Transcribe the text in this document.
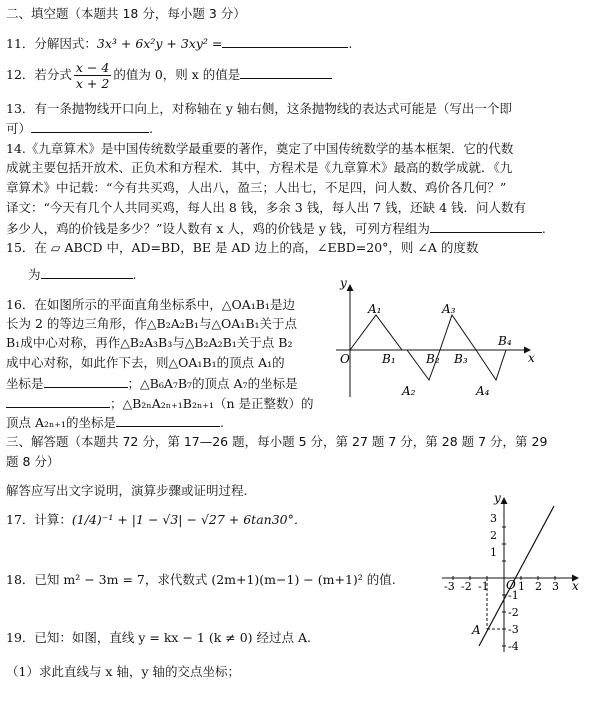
二、填空题（本题共 18 分，每小题 3 分）
11．分解因式：3x³ + 6x²y + 3xy² =	.
12．若分式 $\frac{x - 4}{x + 2}$ 的值为 0，则 x 的值是
13．有一条抛物线开口向上，对称轴在 y 轴右侧，这条抛物线的表达式可能是（写出一个即
可）	.
14.《九章算术》是中国传统数学最重要的著作，奠定了中国传统数学的基本框架．它的代数
成就主要包括开放术、正负术和方程术．其中，方程术是《九章算术》最高的数学成就．《九
章算术》中记载：“今有共买鸡，人出八，盈三；人出七，不足四，问人数、鸡价各几何？”
译文：“今天有几个人共同买鸡，每人出 8 钱，多余 3 钱，每人出 7 钱，还缺 4 钱．问人数有
多少人，鸡的价钱是多少？”设人数有 x 人，鸡的价钱是 y 钱，可列方程组为	.
15．在 ▱ ABCD 中，AD=BD，BE 是 AD 边上的高，∠EBD=20°，则 ∠A 的度数
为	.
16．在如图所示的平面直角坐标系中，△OA₁B₁是边
长为 2 的等边三角形，作△B₂A₂B₁与△OA₁B₁关于点
B₁成中心对称，再作△B₂A₃B₃与△B₂A₂B₁关于点 B₂
成中心对称，如此作下去，则△OA₁B₁的顶点 A₁的
坐标是	；△B₆A₇B₇的顶点 A₇的坐标是
；△B₂ₙA₂ₙ₊₁B₂ₙ₊₁（n 是正整数）的
顶点 A₂ₙ₊₁的坐标是	.
y
x
O
A₁
A₂
A₃
A₄
B₁	B₂ B₃
B₄
三、解答题（本题共 72 分，第 17—26 题，每小题 5 分，第 27 题 7 分，第 28 题 7 分，第 29
题 8 分）
解答应写出文字说明，演算步骤或证明过程.
17．计算：(1/4)⁻¹ + |1 − √3| − √27 + 6tan30°．
18．已知 m² − 3m = 7，求代数式 (2m+1)(m−1) − (m+1)² 的值.
19．已知：如图，直线 y = kx − 1 (k ≠ 0) 经过点 A.
（1）求此直线与 x 轴，y 轴的交点坐标；
y
x
O
A
3
2
1
-1
-2
-3
-4
-3 -2 -1	1 2 3
